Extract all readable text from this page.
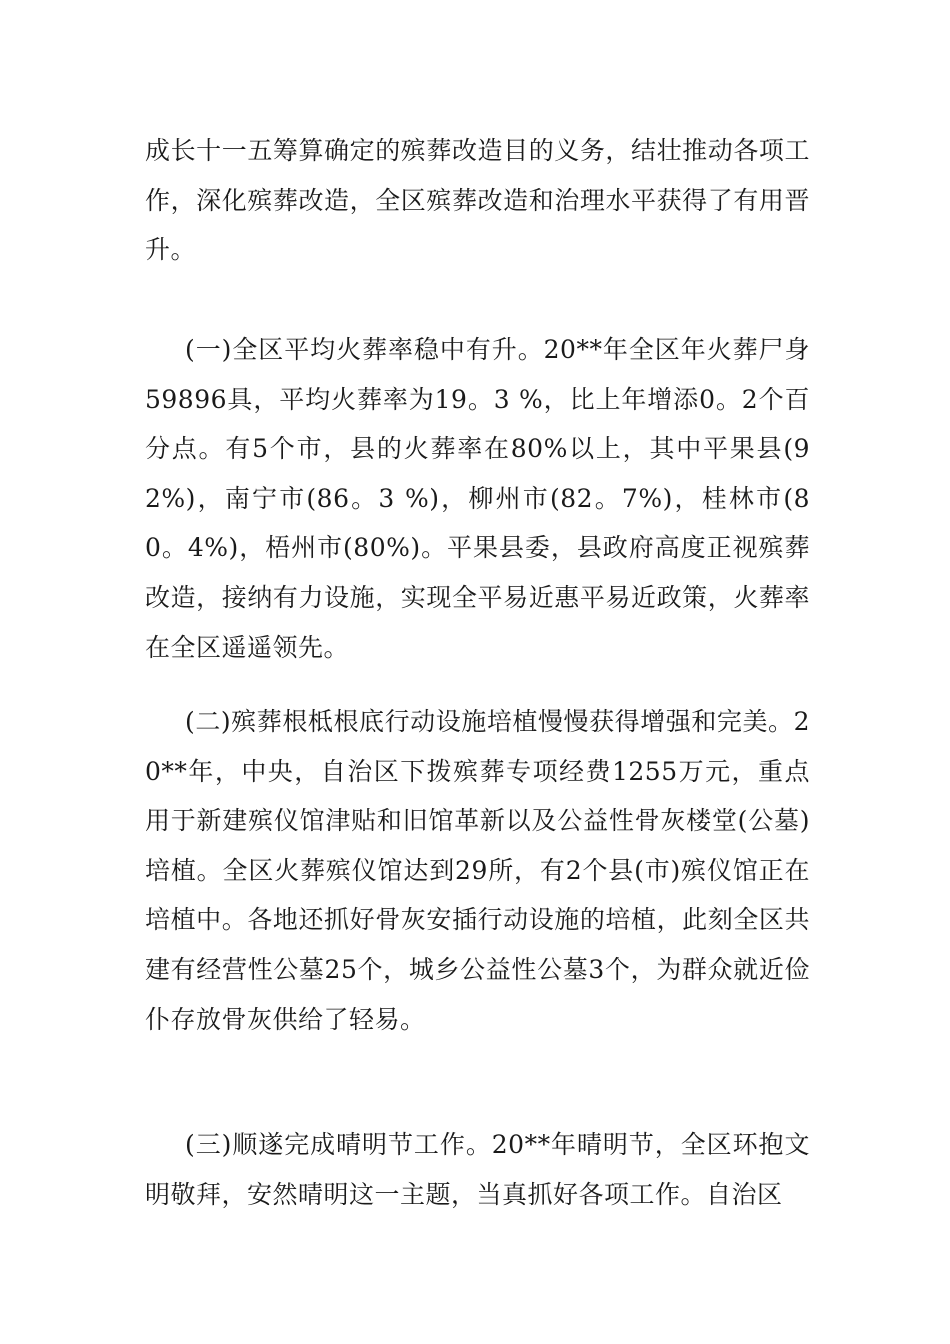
成长十一五筹算确定的殡葬改造目的义务，结壮推动各项工作，深化殡葬改造，全区殡葬改造和治理水平获得了有用晋升。

(一)全区平均火葬率稳中有升。20**年全区年火葬尸身59896具，平均火葬率为19。3 %，比上年增添0。2个百分点。有5个市，县的火葬率在80%以上，其中平果县(92%)，南宁市(86。3 %)，柳州市(82。7%)，桂林市(80。4%)，梧州市(80%)。平果县委，县政府高度正视殡葬改造，接纳有力设施，实现全平易近惠平易近政策，火葬率在全区遥遥领先。

(二)殡葬根柢根底行动设施培植慢慢获得增强和完美。20**年，中央，自治区下拨殡葬专项经费1255万元，重点用于新建殡仪馆津贴和旧馆革新以及公益性骨灰楼堂(公墓)培植。全区火葬殡仪馆达到29所，有2个县(市)殡仪馆正在培植中。各地还抓好骨灰安插行动设施的培植，此刻全区共建有经营性公墓25个，城乡公益性公墓3个，为群众就近俭仆存放骨灰供给了轻易。

(三)顺遂完成晴明节工作。20**年晴明节，全区环抱文明敬拜，安然晴明这一主题，当真抓好各项工作。自治区
